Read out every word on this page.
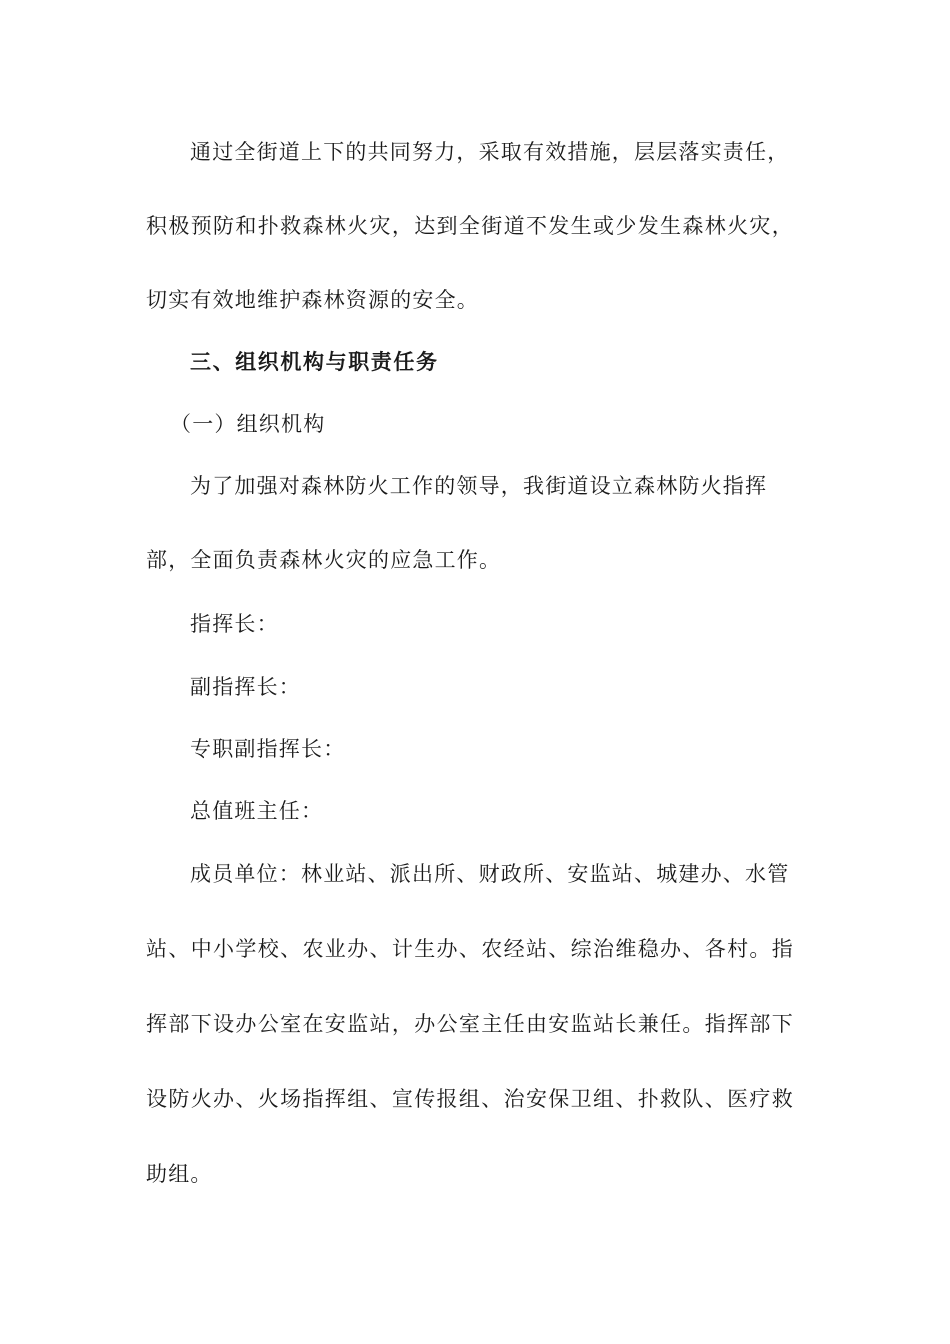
通过全街道上下的共同努力，采取有效措施，层层落实责任，
积极预防和扑救森林火灾，达到全街道不发生或少发生森林火灾，
切实有效地维护森林资源的安全。
三、组织机构与职责任务
（一）组织机构
为了加强对森林防火工作的领导，我街道设立森林防火指挥
部，全面负责森林火灾的应急工作。
指挥长：
副指挥长：
专职副指挥长：
总值班主任：
成员单位：林业站、派出所、财政所、安监站、城建办、水管
站、中小学校、农业办、计生办、农经站、综治维稳办、各村。指
挥部下设办公室在安监站，办公室主任由安监站长兼任。指挥部下
设防火办、火场指挥组、宣传报组、治安保卫组、扑救队、医疗救
助组。
